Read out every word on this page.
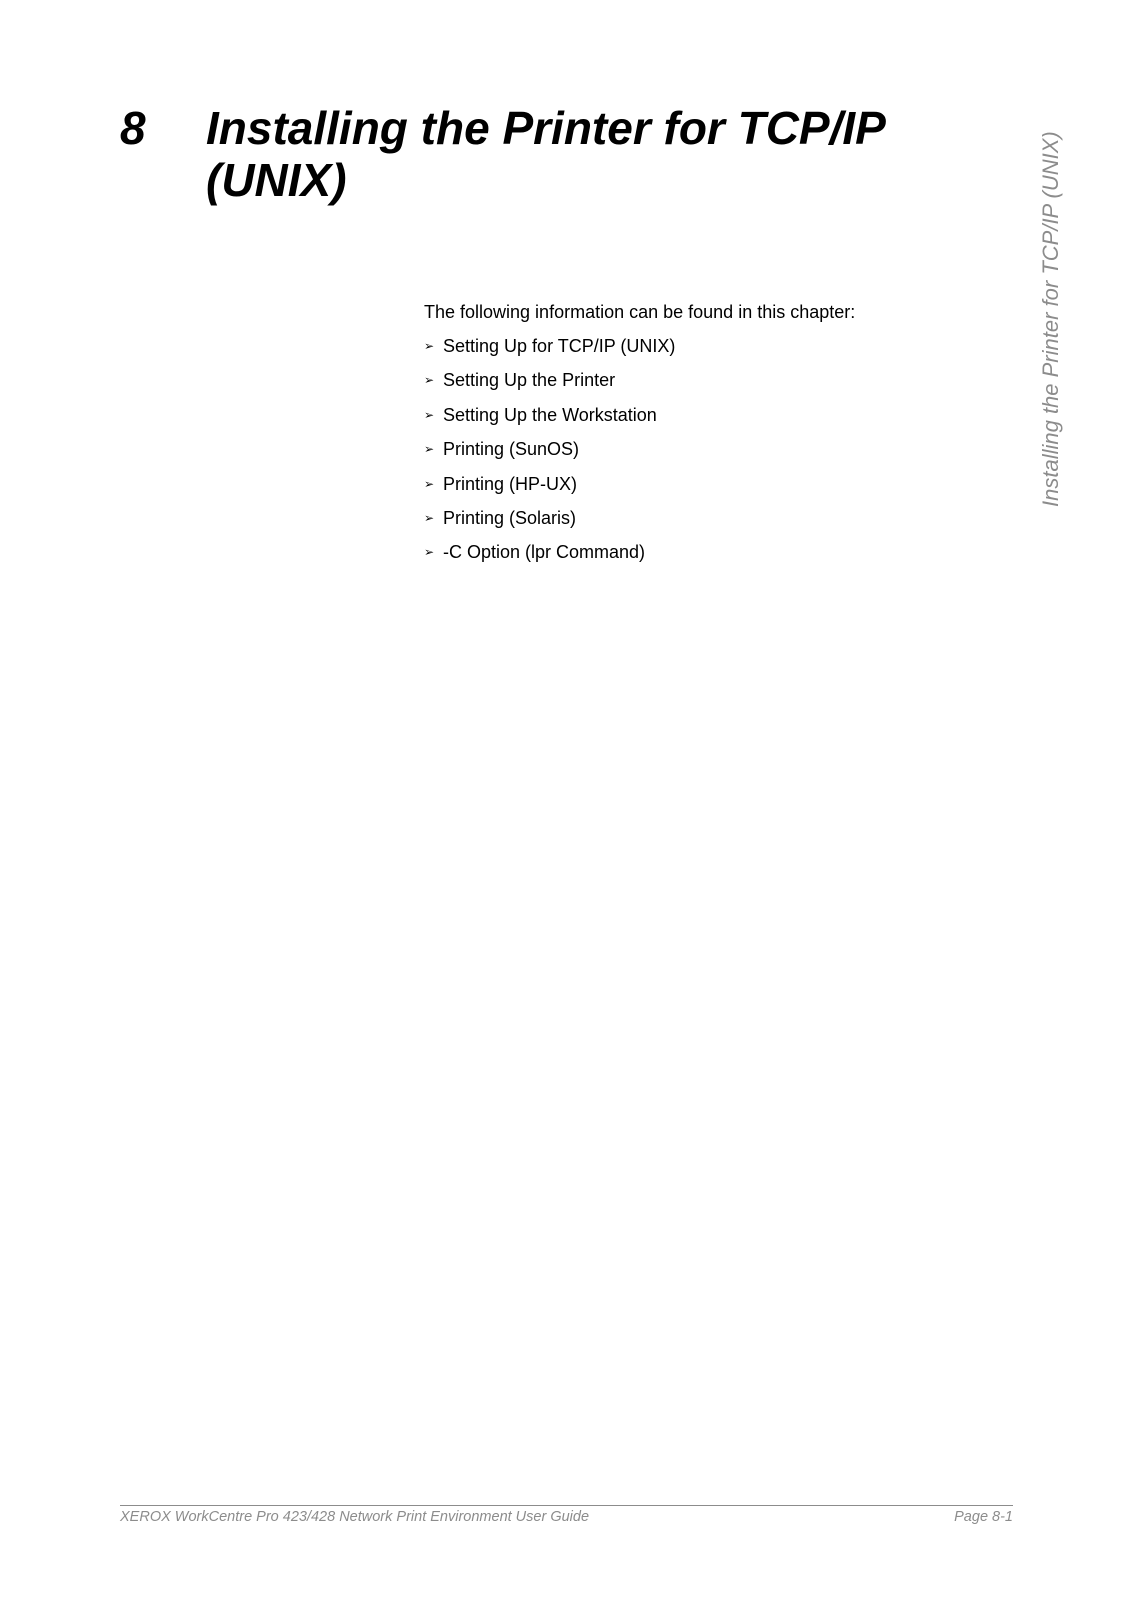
8 Installing the Printer for TCP/IP (UNIX)	Installing the Printer for TCP/IP (UNIX)
The following information can be found in this chapter:
➢ Setting Up for TCP/IP (UNIX)
➢ Setting Up the Printer
➢ Setting Up the Workstation
➢ Printing (SunOS)
➢ Printing (HP-UX)
➢ Printing (Solaris)
➢ -C Option (lpr Command)
XEROX WorkCentre Pro 423/428 Network Print Environment User Guide	Page 8-1
